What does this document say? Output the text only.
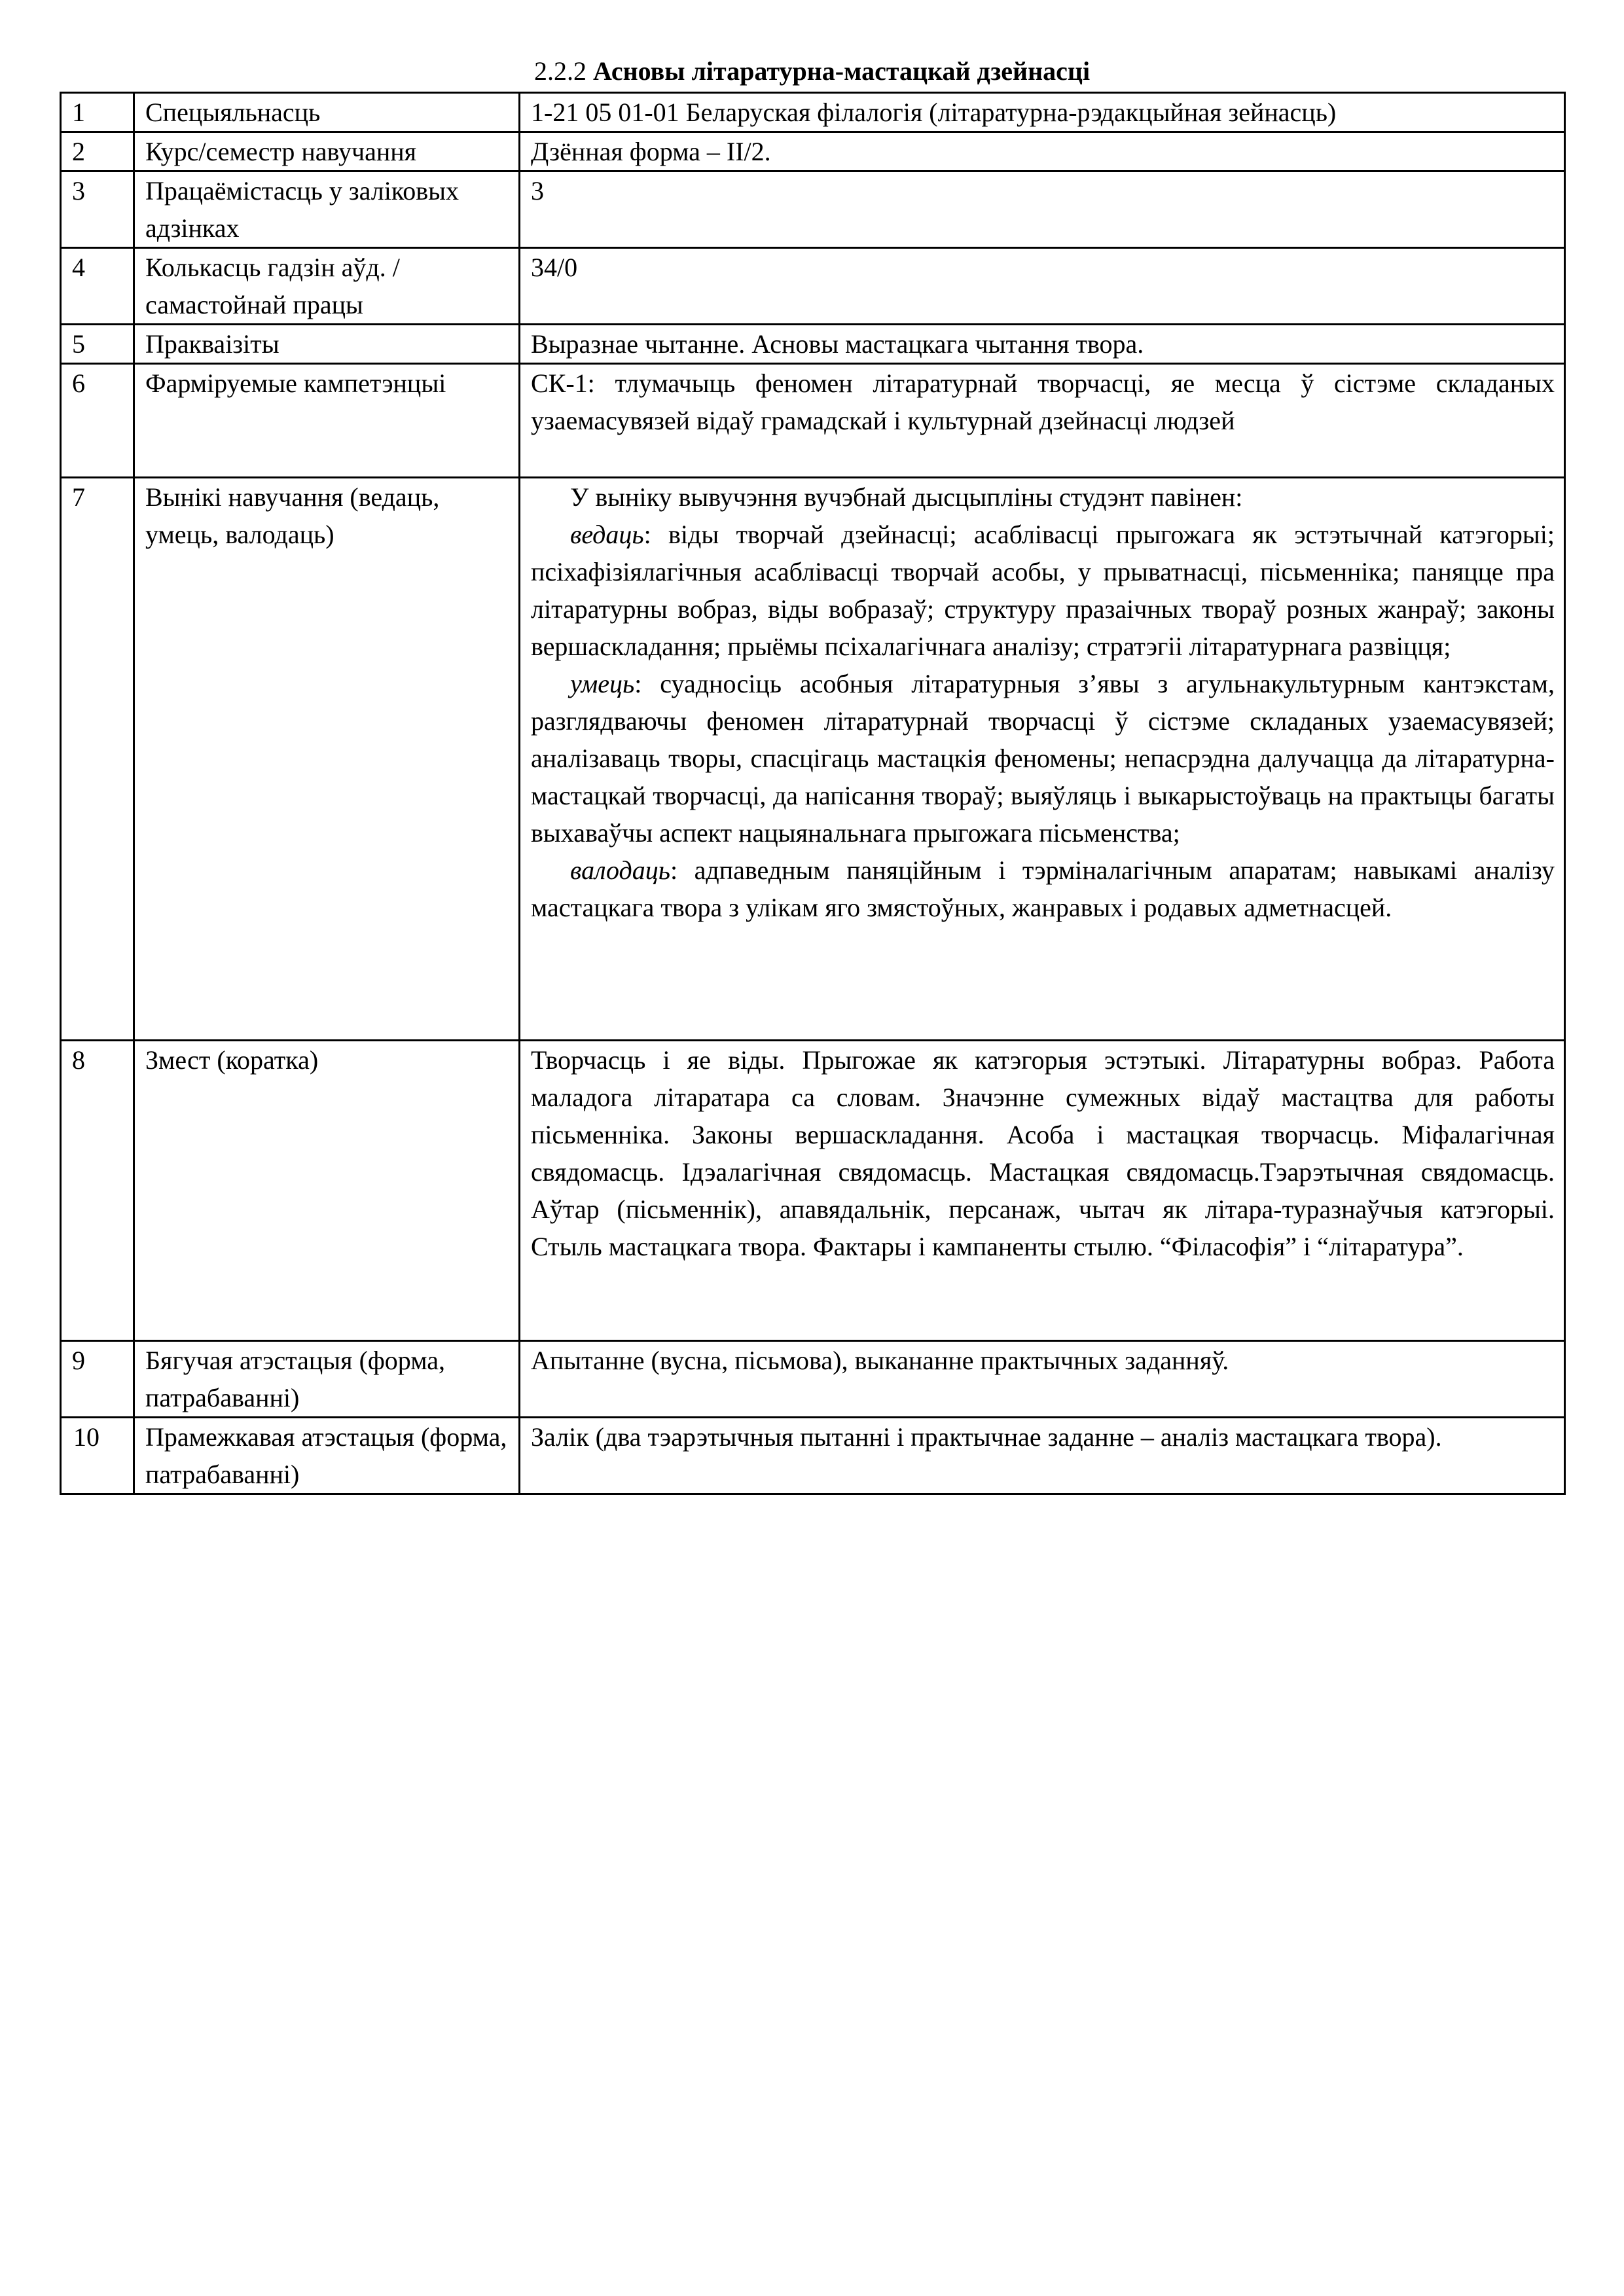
2.2.2 Асновы літаратурна-мастацкай дзейнасці
1	Спецыяльнасць	1-21 05 01-01 Беларуская філалогія (літаратурна-рэдакцыйная зейнасць)
2	Курс/семестр навучання	Дзённая форма – ІІ/2.
3	Працаёмістасць у заліковых адзінках	3
4	Колькасць гадзін аўд. / самастойнай працы	34/0
5	Пракваізіты	Выразнае чытанне. Асновы мастацкага чытання твора.
6	Фарміруемые кампетэнцыі	СК-1: тлумачыць феномен літаратурнай творчасці, яе месца ў сістэме складаных узаемасувязей відаў грамадскай і культурнай дзейнасці людзей
7	Вынікі навучання (ведаць, умець, валодаць)	У выніку вывучэння вучэбнай дысцыпліны студэнт павінен:
ведаць: віды творчай дзейнасці; асаблівасці прыгожага як эстэтычнай катэгорыі; псіхафізіялагічныя асаблівасці творчай асобы, у прыватнасці, пісьменніка; паняцце пра літаратурны вобраз, віды вобразаў; структуру празаічных твораў розных жанраў; законы вершаскладання; прыёмы псіхалагічнага аналізу; стратэгіі літаратурнага развіцця;
умець: суадносіць асобныя літаратурныя з’явы з агульнакультурным кантэкстам, разглядваючы феномен літаратурнай творчасці ў сістэме складаных узаемасувязей; аналізаваць творы, спасцігаць мастацкія феномены; непасрэдна далучацца да літаратурна-мастацкай творчасці, да напісання твораў; выяўляць і выкарыстоўваць на практыцы багаты выхаваўчы аспект нацыянальнага прыгожага пісьменства;
валодаць: адпаведным паняційным і тэрміналагічным апаратам; навыкамі аналізу мастацкага твора з улікам яго змястоўных, жанравых і родавых адметнасцей.

8	Змест (коратка)	Творчасць і яе віды. Прыгожае як катэгорыя эстэтыкі. Літаратурны вобраз. Работа маладога літаратара са словам. Значэнне сумежных відаў мастацтва для работы пісьменніка. Законы вершаскладання. Асоба і мастацкая творчасць. Міфалагічная свядомасць. Ідэалагічная свядомасць. Мастацкая свядомасць.Тэарэтычная свядомасць. Аўтар (пісьменнік), апавядальнік, персанаж, чытач як літара-туразнаўчыя катэгорыі. Стыль мастацкага твора. Фактары і кампаненты стылю. “Філасофія” і “літаратура”.
9	Бягучая атэстацыя (форма, патрабаванні)	Апытанне (вусна, пісьмова), выкананне практычных заданняў.
10	Прамежкавая атэстацыя (форма, патрабаванні)	Залік (два тэарэтычныя пытанні і практычнае заданне – аналіз мастацкага твора).
